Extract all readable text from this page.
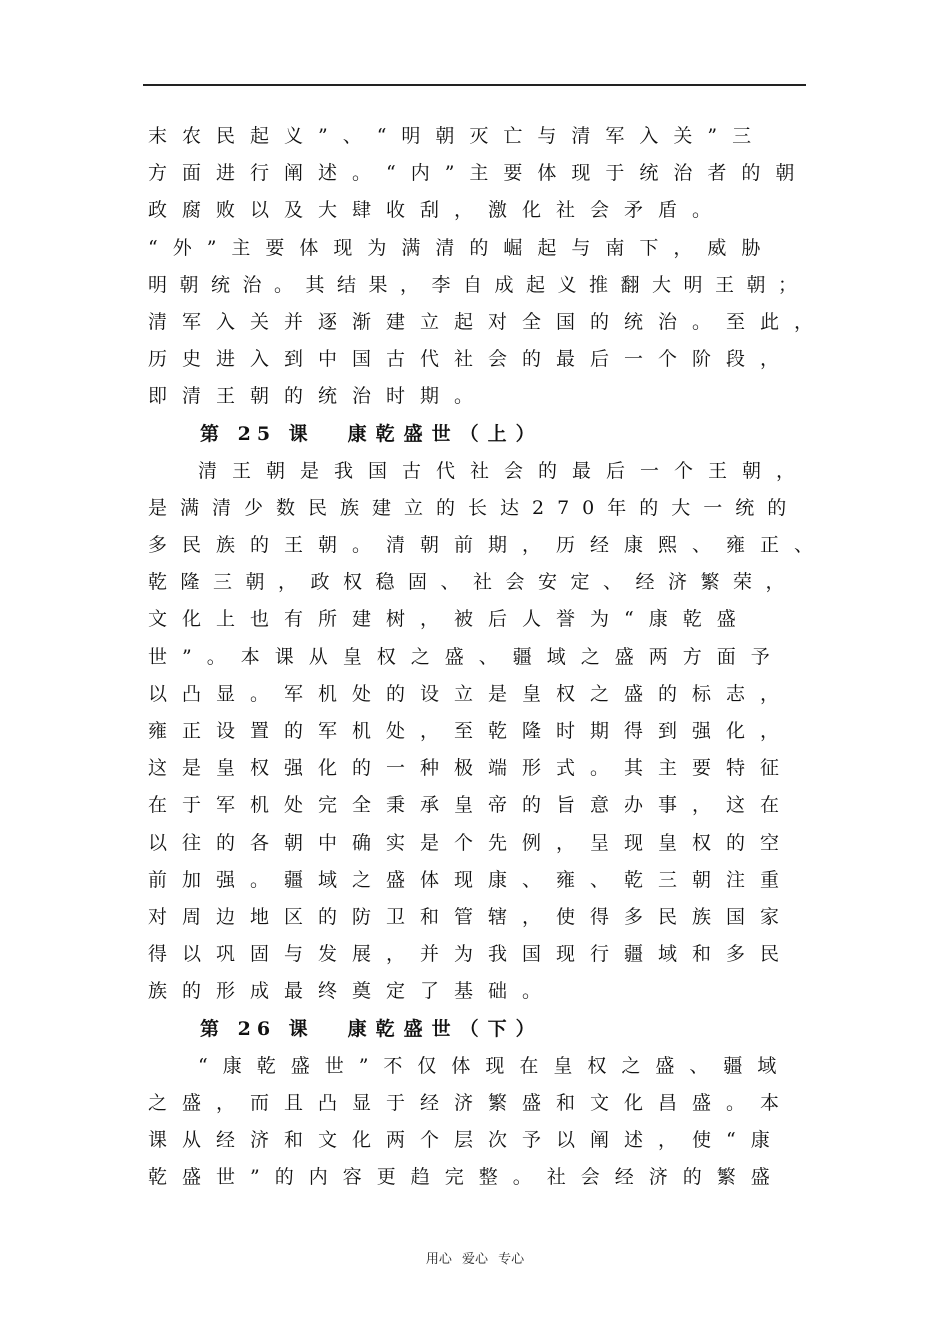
末农民起义”、“明朝灭亡与清军入关”三
方面进行阐述。“内”主要体现于统治者的朝
政腐败以及大肆收刮，激化社会矛盾。
“外”主要体现为满清的崛起与南下，威胁
明朝统治。其结果，李自成起义推翻大明王朝；
清军入关并逐渐建立起对全国的统治。至此，
历史进入到中国古代社会的最后一个阶段，
即清王朝的统治时期。
第 25 课 康乾盛世（上）
清王朝是我国古代社会的最后一个王朝，
是满清少数民族建立的长达270年的大一统的
多民族的王朝。清朝前期，历经康熙、雍正、
乾隆三朝，政权稳固、社会安定、经济繁荣，
文化上也有所建树，被后人誉为“康乾盛
世”。本课从皇权之盛、疆域之盛两方面予
以凸显。军机处的设立是皇权之盛的标志，
雍正设置的军机处，至乾隆时期得到强化，
这是皇权强化的一种极端形式。其主要特征
在于军机处完全秉承皇帝的旨意办事，这在
以往的各朝中确实是个先例，呈现皇权的空
前加强。疆域之盛体现康、雍、乾三朝注重
对周边地区的防卫和管辖，使得多民族国家
得以巩固与发展，并为我国现行疆域和多民
族的形成最终奠定了基础。
第 26 课 康乾盛世（下）
“康乾盛世”不仅体现在皇权之盛、疆域
之盛，而且凸显于经济繁盛和文化昌盛。本
课从经济和文化两个层次予以阐述，使“康
乾盛世”的内容更趋完整。社会经济的繁盛
用心 爱心 专心
